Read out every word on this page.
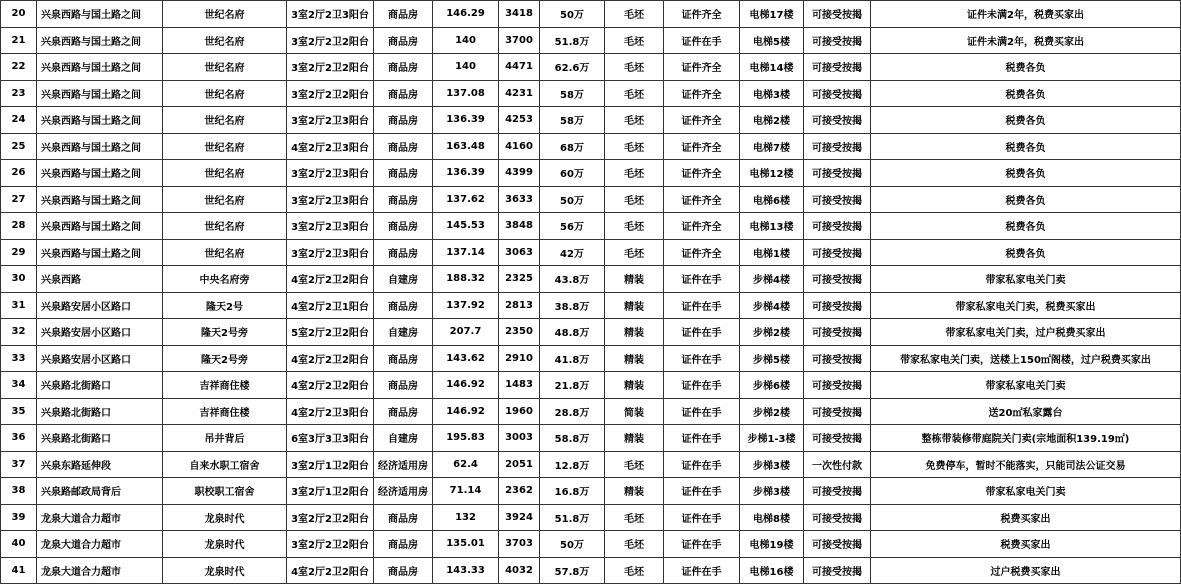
20	兴泉西路与国土路之间	世纪名府	3室2厅2卫3阳台	商品房	146.29	3418	50万	毛坯	证件齐全	电梯17楼	可接受按揭	证件未满2年，税费买家出
21	兴泉西路与国土路之间	世纪名府	3室2厅2卫2阳台	商品房	140	3700	51.8万	毛坯	证件在手	电梯5楼	可接受按揭	证件未满2年，税费买家出
22	兴泉西路与国土路之间	世纪名府	3室2厅2卫2阳台	商品房	140	4471	62.6万	毛坯	证件齐全	电梯14楼	可接受按揭	税费各负
23	兴泉西路与国土路之间	世纪名府	3室2厅2卫2阳台	商品房	137.08	4231	58万	毛坯	证件齐全	电梯3楼	可接受按揭	税费各负
24	兴泉西路与国土路之间	世纪名府	3室2厅2卫3阳台	商品房	136.39	4253	58万	毛坯	证件齐全	电梯2楼	可接受按揭	税费各负
25	兴泉西路与国土路之间	世纪名府	4室2厅2卫3阳台	商品房	163.48	4160	68万	毛坯	证件齐全	电梯7楼	可接受按揭	税费各负
26	兴泉西路与国土路之间	世纪名府	3室2厅2卫3阳台	商品房	136.39	4399	60万	毛坯	证件齐全	电梯12楼	可接受按揭	税费各负
27	兴泉西路与国土路之间	世纪名府	3室2厅2卫3阳台	商品房	137.62	3633	50万	毛坯	证件齐全	电梯6楼	可接受按揭	税费各负
28	兴泉西路与国土路之间	世纪名府	3室2厅2卫3阳台	商品房	145.53	3848	56万	毛坯	证件齐全	电梯13楼	可接受按揭	税费各负
29	兴泉西路与国土路之间	世纪名府	3室2厅2卫3阳台	商品房	137.14	3063	42万	毛坯	证件齐全	电梯1楼	可接受按揭	税费各负
30	兴泉西路	中央名府旁	4室2厅2卫2阳台	自建房	188.32	2325	43.8万	精装	证件在手	步梯4楼	可接受按揭	带家私家电关门卖
31	兴泉路安居小区路口	隆天2号	4室2厅2卫1阳台	商品房	137.92	2813	38.8万	精装	证件在手	步梯4楼	可接受按揭	带家私家电关门卖，税费买家出
32	兴泉路安居小区路口	隆天2号旁	5室2厅2卫2阳台	自建房	207.7	2350	48.8万	精装	证件在手	步梯2楼	可接受按揭	带家私家电关门卖，过户税费买家出
33	兴泉路安居小区路口	隆天2号旁	4室2厅2卫2阳台	商品房	143.62	2910	41.8万	精装	证件在手	步梯5楼	可接受按揭	带家私家电关门卖，送楼上150㎡阁楼，过户税费买家出
34	兴泉路北街路口	吉祥商住楼	4室2厅2卫2阳台	商品房	146.92	1483	21.8万	精装	证件在手	步梯6楼	可接受按揭	带家私家电关门卖
35	兴泉路北街路口	吉祥商住楼	4室2厅2卫3阳台	商品房	146.92	1960	28.8万	简装	证件在手	步梯2楼	可接受按揭	送20㎡私家露台
36	兴泉路北街路口	吊井背后	6室3厅3卫3阳台	自建房	195.83	3003	58.8万	精装	证件在手	步梯1-3楼	可接受按揭	整栋带装修带庭院关门卖(宗地面积139.19㎡)
37	兴泉东路延伸段	自来水职工宿舍	3室2厅1卫2阳台	经济适用房	62.4	2051	12.8万	毛坯	证件在手	步梯3楼	一次性付款	免费停车，暂时不能落实，只能司法公证交易
38	兴泉路邮政局背后	职校职工宿舍	3室2厅1卫2阳台	经济适用房	71.14	2362	16.8万	精装	证件在手	步梯3楼	可接受按揭	带家私家电关门卖
39	龙泉大道合力超市	龙泉时代	3室2厅2卫2阳台	商品房	132	3924	51.8万	毛坯	证件在手	电梯8楼	可接受按揭	税费买家出
40	龙泉大道合力超市	龙泉时代	3室2厅2卫2阳台	商品房	135.01	3703	50万	毛坯	证件在手	电梯19楼	可接受按揭	税费买家出
41	龙泉大道合力超市	龙泉时代	4室2厅2卫2阳台	商品房	143.33	4032	57.8万	毛坯	证件在手	电梯16楼	可接受按揭	过户税费买家出
